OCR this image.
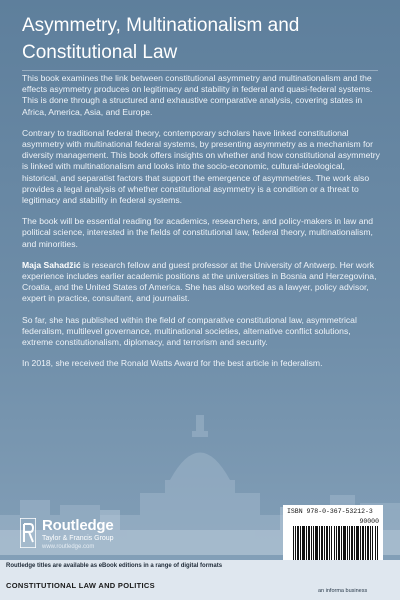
Asymmetry, Multinationalism and Constitutional Law

This book examines the link between constitutional asymmetry and multinationalism and the effects asymmetry produces on legitimacy and stability in federal and quasi-federal systems. This is done through a structured and exhaustive comparative analysis, covering states in Africa, America, Asia, and Europe.

Contrary to traditional federal theory, contemporary scholars have linked constitutional asymmetry with multinational federal systems, by presenting asymmetry as a mechanism for diversity management. This book offers insights on whether and how constitutional asymmetry is linked with multinationalism and looks into the socio-economic, cultural-ideological, historical, and separatist factors that support the emergence of asymmetries. The work also provides a legal analysis of whether constitutional asymmetry is a condition or a threat to legitimacy and stability in federal systems.

The book will be essential reading for academics, researchers, and policy-makers in law and political science, interested in the fields of constitutional law, federal theory, multinationalism, and minorities.

Maja Sahadžić is research fellow and guest professor at the University of Antwerp. Her work experience includes earlier academic positions at the universities in Bosnia and Herzegovina, Croatia, and the United States of America. She has also worked as a lawyer, policy advisor, expert in practice, consultant, and journalist.

So far, she has published within the field of comparative constitutional law, asymmetrical federalism, multilevel governance, multinational societies, alternative conflict solutions, extreme constitutionalism, diplomacy, and terrorism and security.

In 2018, she received the Ronald Watts Award for the best article in federalism.

Routledge
Taylor & Francis Group
www.routledge.com
ISBN 978-0-367-53212-3
90000
Routledge titles are available as eBook editions in a range of digital formats
CONSTITUTIONAL LAW AND POLITICS
an informa business
